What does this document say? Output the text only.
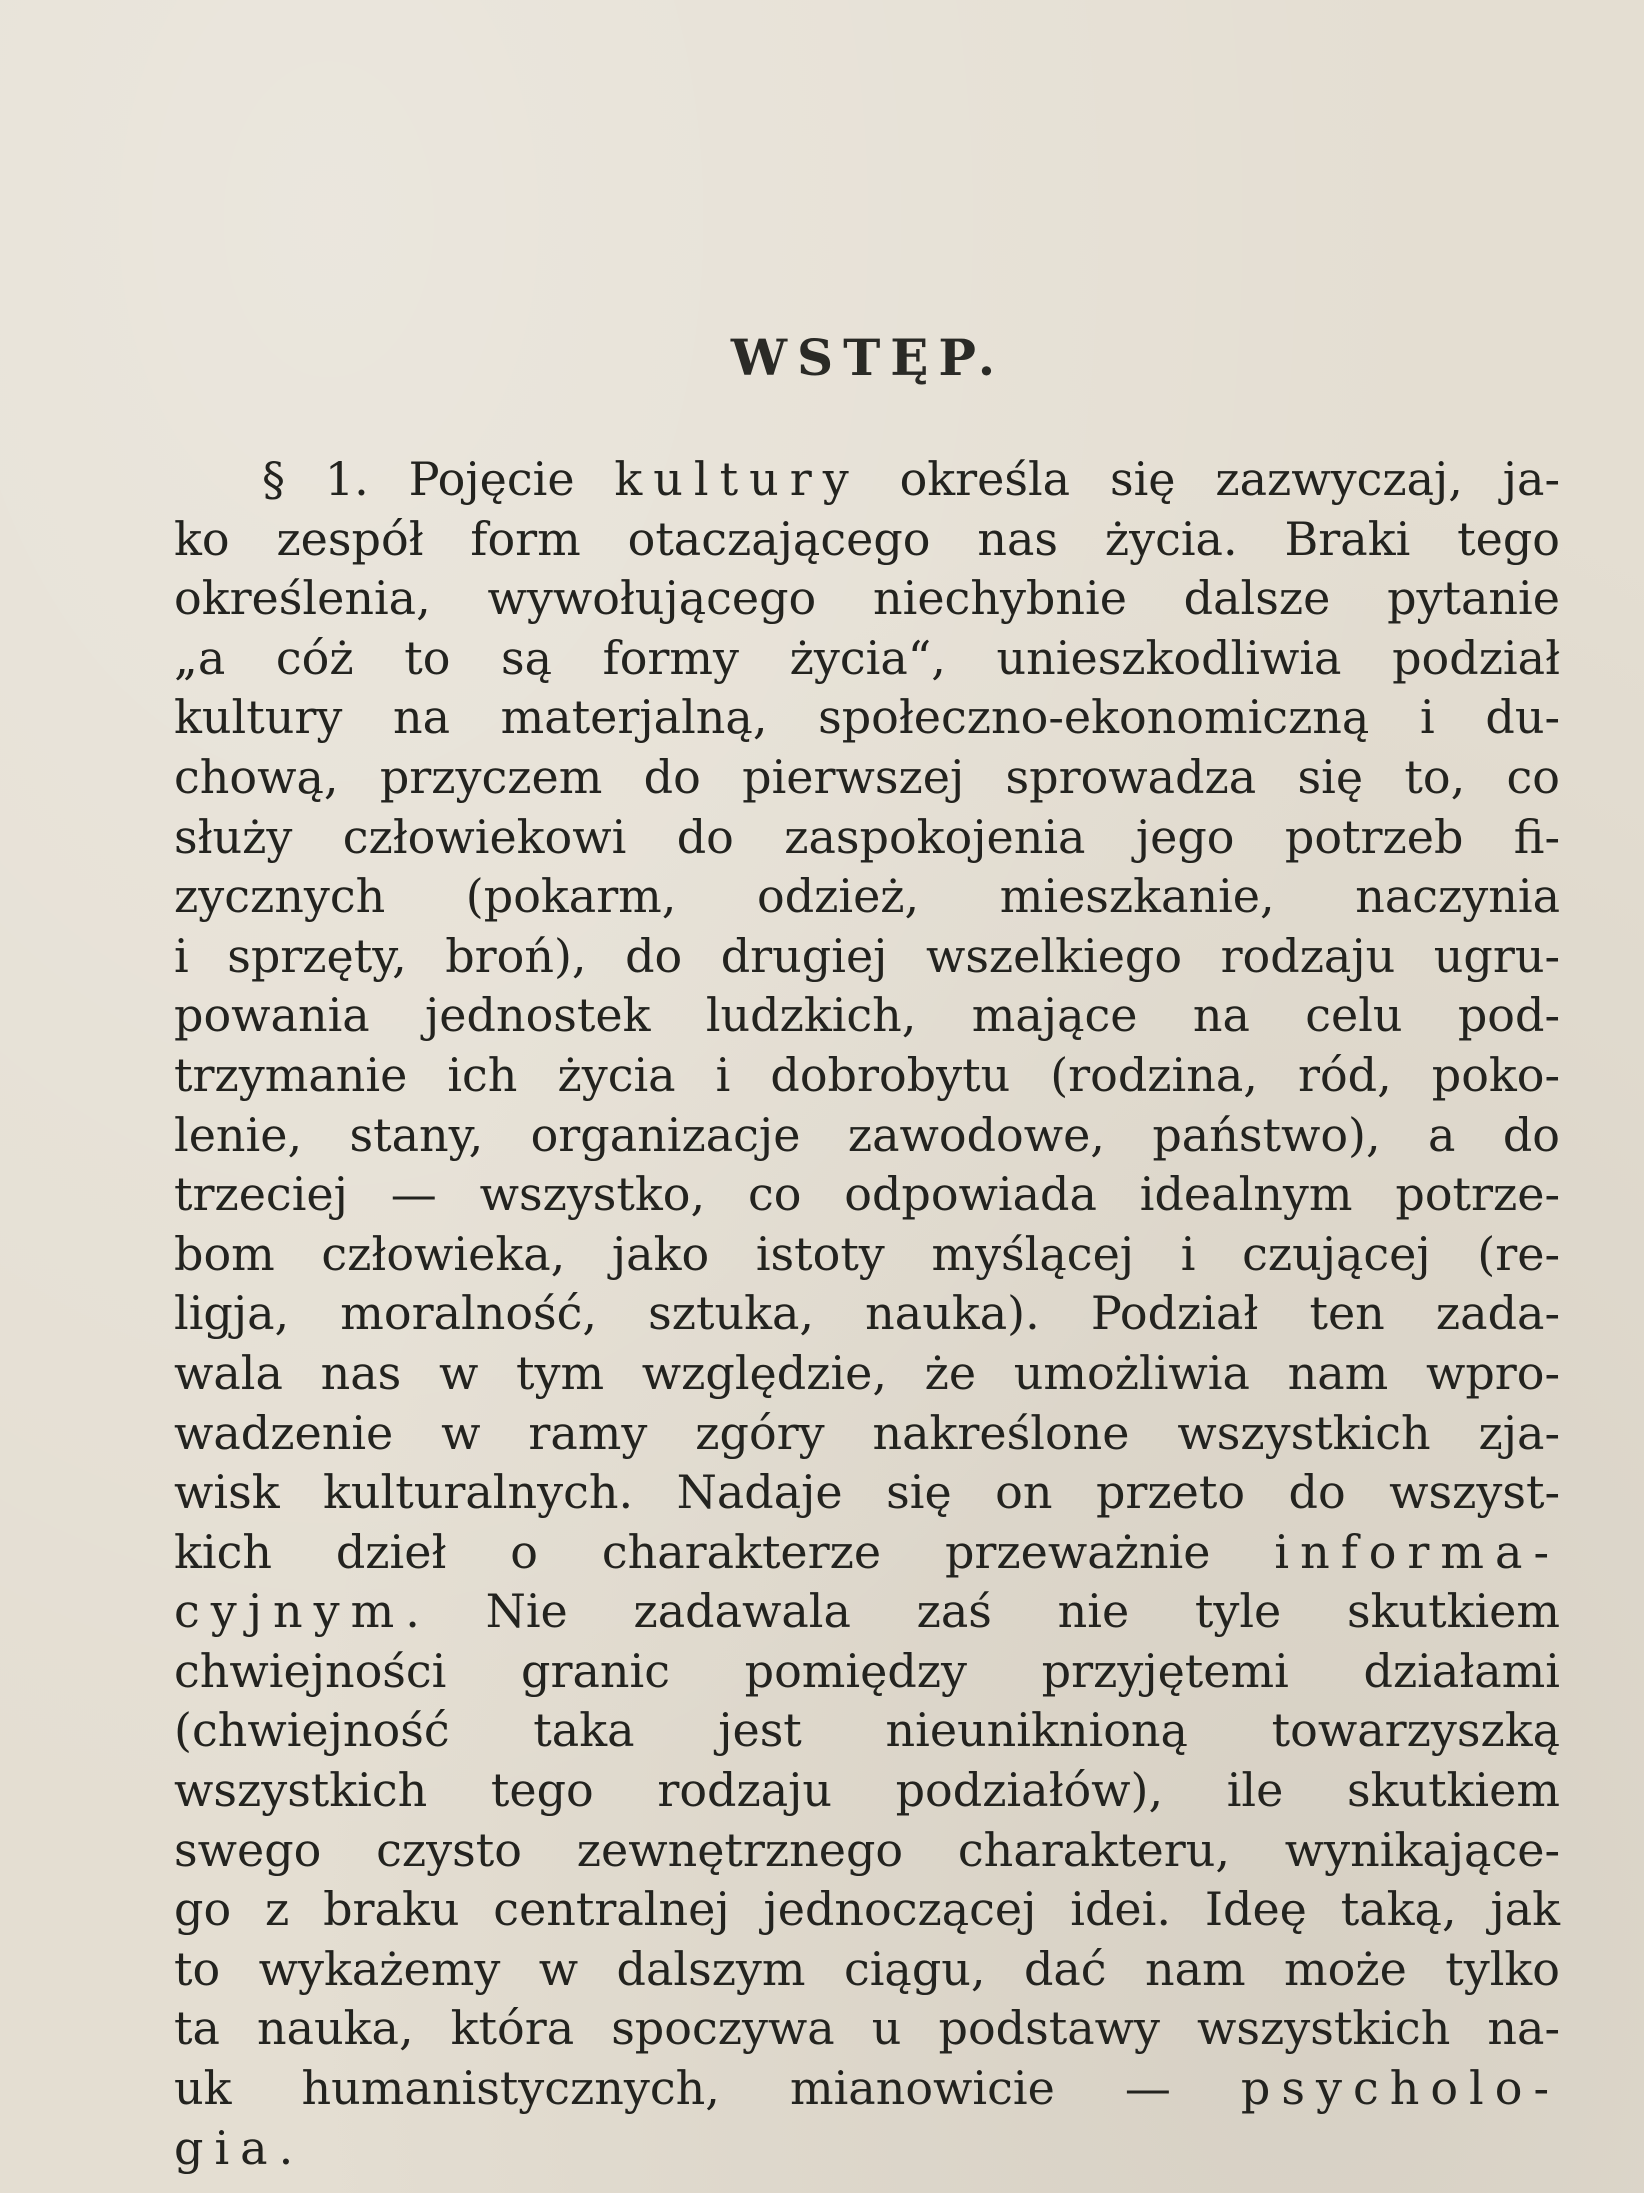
WSTĘP.
§ 1. Pojęcie kultury określa się zazwyczaj, ja-
ko zespół form otaczającego nas życia. Braki tego
określenia, wywołującego niechybnie dalsze pytanie
„a cóż to są formy życia“, unieszkodliwia podział
kultury na materjalną, społeczno-ekonomiczną i du-
chową, przyczem do pierwszej sprowadza się to, co
służy człowiekowi do zaspokojenia jego potrzeb fi-
zycznych (pokarm, odzież, mieszkanie, naczynia
i sprzęty, broń), do drugiej wszelkiego rodzaju ugru-
powania jednostek ludzkich, mające na celu pod-
trzymanie ich życia i dobrobytu (rodzina, ród, poko-
lenie, stany, organizacje zawodowe, państwo), a do
trzeciej — wszystko, co odpowiada idealnym potrze-
bom człowieka, jako istoty myślącej i czującej (re-
ligja, moralność, sztuka, nauka). Podział ten zada-
wala nas w tym względzie, że umożliwia nam wpro-
wadzenie w ramy zgóry nakreślone wszystkich zja-
wisk kulturalnych. Nadaje się on przeto do wszyst-
kich dzieł o charakterze przeważnie informa-
cyjnym. Nie zadawala zaś nie tyle skutkiem
chwiejności granic pomiędzy przyjętemi działami
(chwiejność taka jest nieuniknioną towarzyszką
wszystkich tego rodzaju podziałów), ile skutkiem
swego czysto zewnętrznego charakteru, wynikające-
go z braku centralnej jednoczącej idei. Ideę taką, jak
to wykażemy w dalszym ciągu, dać nam może tylko
ta nauka, która spoczywa u podstawy wszystkich na-
uk humanistycznych, mianowicie — psycholo-
gia.
